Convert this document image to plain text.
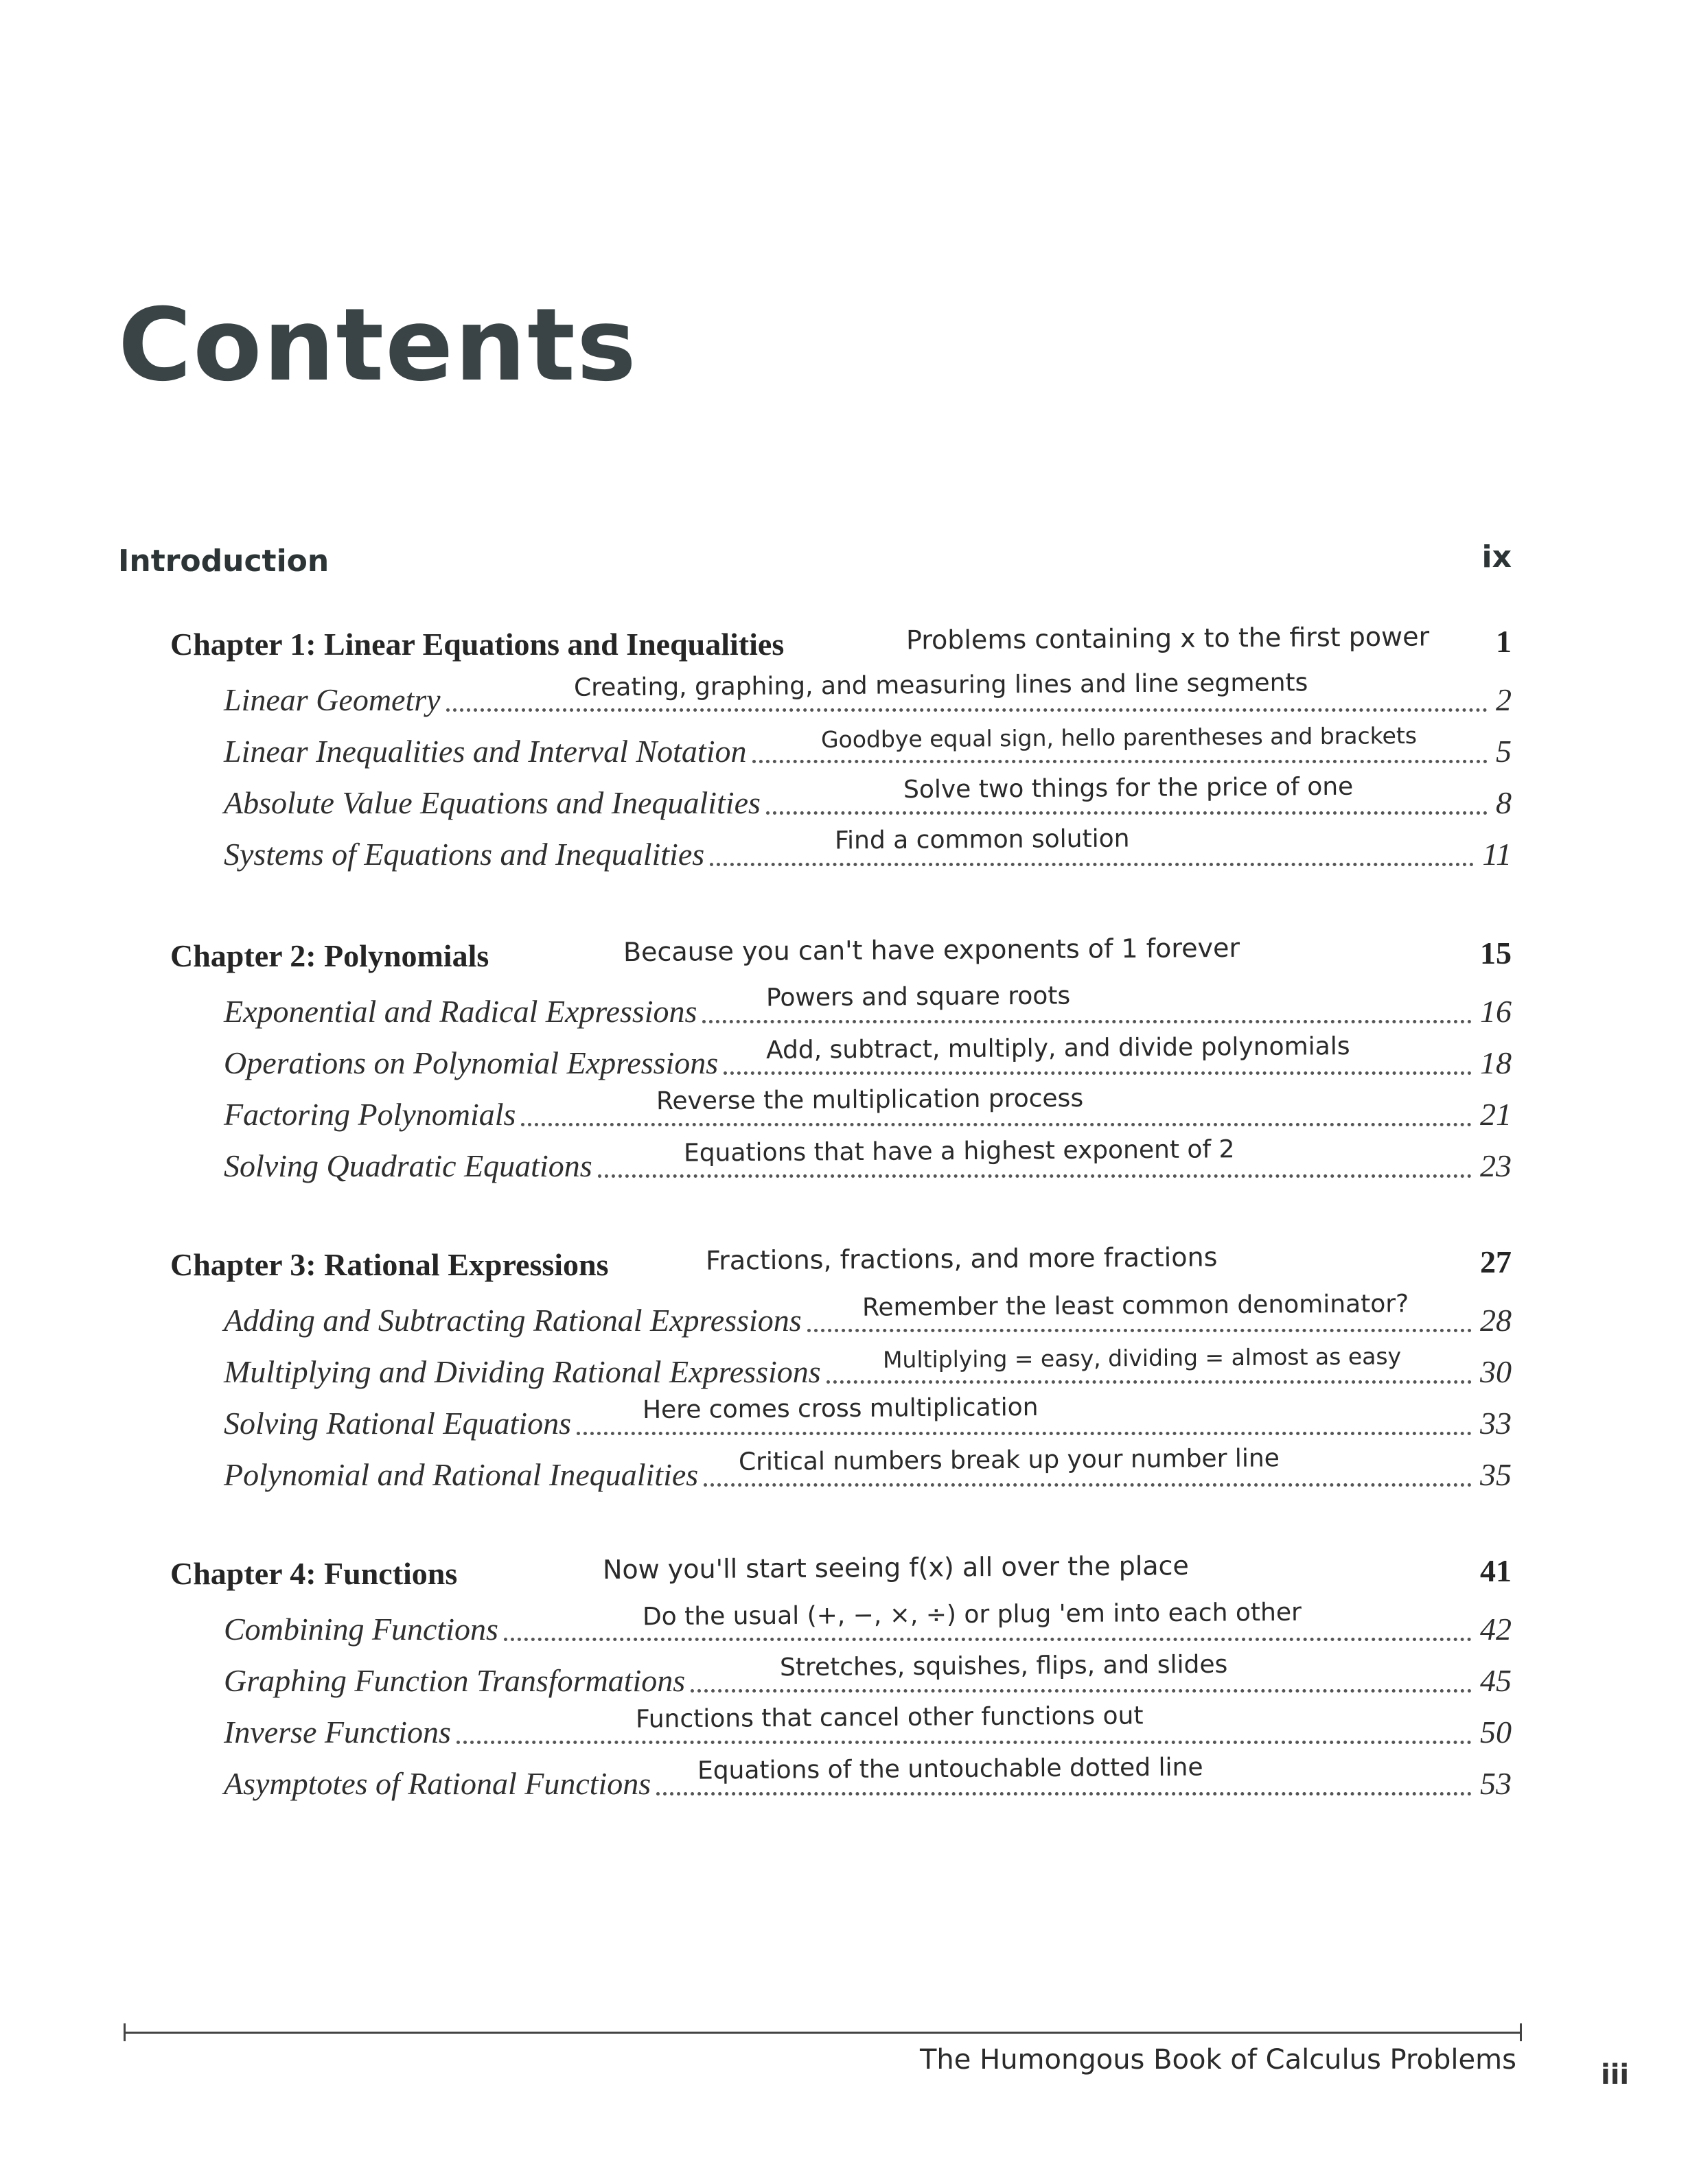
Contents
Introduction	ix
Chapter 1: Linear Equations and Inequalities	Problems containing x to the first power 1
Creating, graphing, and measuring lines and line segments
Linear Geometry	2
Goodbye equal sign, hello parentheses and brackets
Linear Inequalities and Interval Notation	5
Solve two things for the price of one
Absolute Value Equations and Inequalities	8
Find a common solution
Systems of Equations and Inequalities	11
Chapter 2: Polynomials	Because you can't have exponents of 1 forever	15
Powers and square roots
Exponential and Radical Expressions	16
Add, subtract, multiply, and divide polynomials
Operations on Polynomial Expressions	18
Reverse the multiplication process
Factoring Polynomials	21
Equations that have a highest exponent of 2
Solving Quadratic Equations	23
Chapter 3: Rational Expressions	Fractions, fractions, and more fractions	27
Remember the least common denominator?
Adding and Subtracting Rational Expressions	28
Multiplying = easy, dividing = almost as easy
Multiplying and Dividing Rational Expressions	30
Here comes cross multiplication
Solving Rational Equations	33
Critical numbers break up your number line
Polynomial and Rational Inequalities	35
Chapter 4: Functions	Now you'll start seeing f(x) all over the place	41
Do the usual (+, −, ×, ÷) or plug 'em into each other
Combining Functions	42
Stretches, squishes, flips, and slides
Graphing Function Transformations	45
Functions that cancel other functions out
Inverse Functions	50
Equations of the untouchable dotted line
Asymptotes of Rational Functions	53
The Humongous Book of Calculus Problems	iii
